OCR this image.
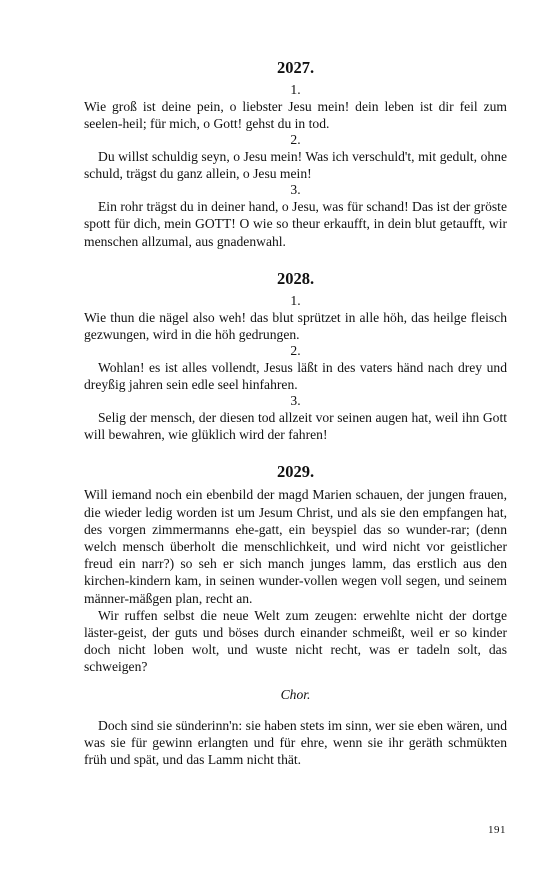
2027.
1.

Wie groß ist deine pein, o liebster Jesu mein! dein leben ist dir feil zum seelen-heil; für mich, o Gott! gehst du in tod.

2.

Du willst schuldig seyn, o Jesu mein! Was ich verschuld't, mit gedult, ohne schuld, trägst du ganz allein, o Jesu mein!

3.

Ein rohr trägst du in deiner hand, o Jesu, was für schand! Das ist der gröste spott für dich, mein GOTT! O wie so theur erkaufft, in dein blut getaufft, wir menschen allzumal, aus gnadenwahl.

2028.
1.

Wie thun die nägel also weh! das blut sprützet in alle höh, das heilge fleisch gezwungen, wird in die höh gedrungen.

2.

Wohlan! es ist alles vollendt, Jesus läßt in des vaters händ nach drey und dreyßig jahren sein edle seel hinfahren.

3.

Selig der mensch, der diesen tod allzeit vor seinen augen hat, weil ihn Gott will bewahren, wie glüklich wird der fahren!

2029.

Will iemand noch ein ebenbild der magd Marien schauen, der jungen frauen, die wieder ledig worden ist um Jesum Christ, und als sie den empfangen hat, des vorgen zimmermanns ehe-gatt, ein beyspiel das so wunder-rar; (denn welch mensch überholt die menschlichkeit, und wird nicht vor geistlicher freud ein narr?) so seh er sich manch junges lamm, das erstlich aus den kirchen-kindern kam, in seinen wunder-vollen wegen voll segen, und seinem männer-mäßgen plan, recht an.

Wir ruffen selbst die neue Welt zum zeugen: erwehlte nicht der dortge läster-geist, der guts und böses durch einander schmeißt, weil er so kinder doch nicht loben wolt, und wuste nicht recht, was er tadeln solt, das schweigen?

Chor.

Doch sind sie sünderinn'n: sie haben stets im sinn, wer sie eben wären, und was sie für gewinn erlangten und für ehre, wenn sie ihr geräth schmükten früh und spät, und das Lamm nicht thät.

191
